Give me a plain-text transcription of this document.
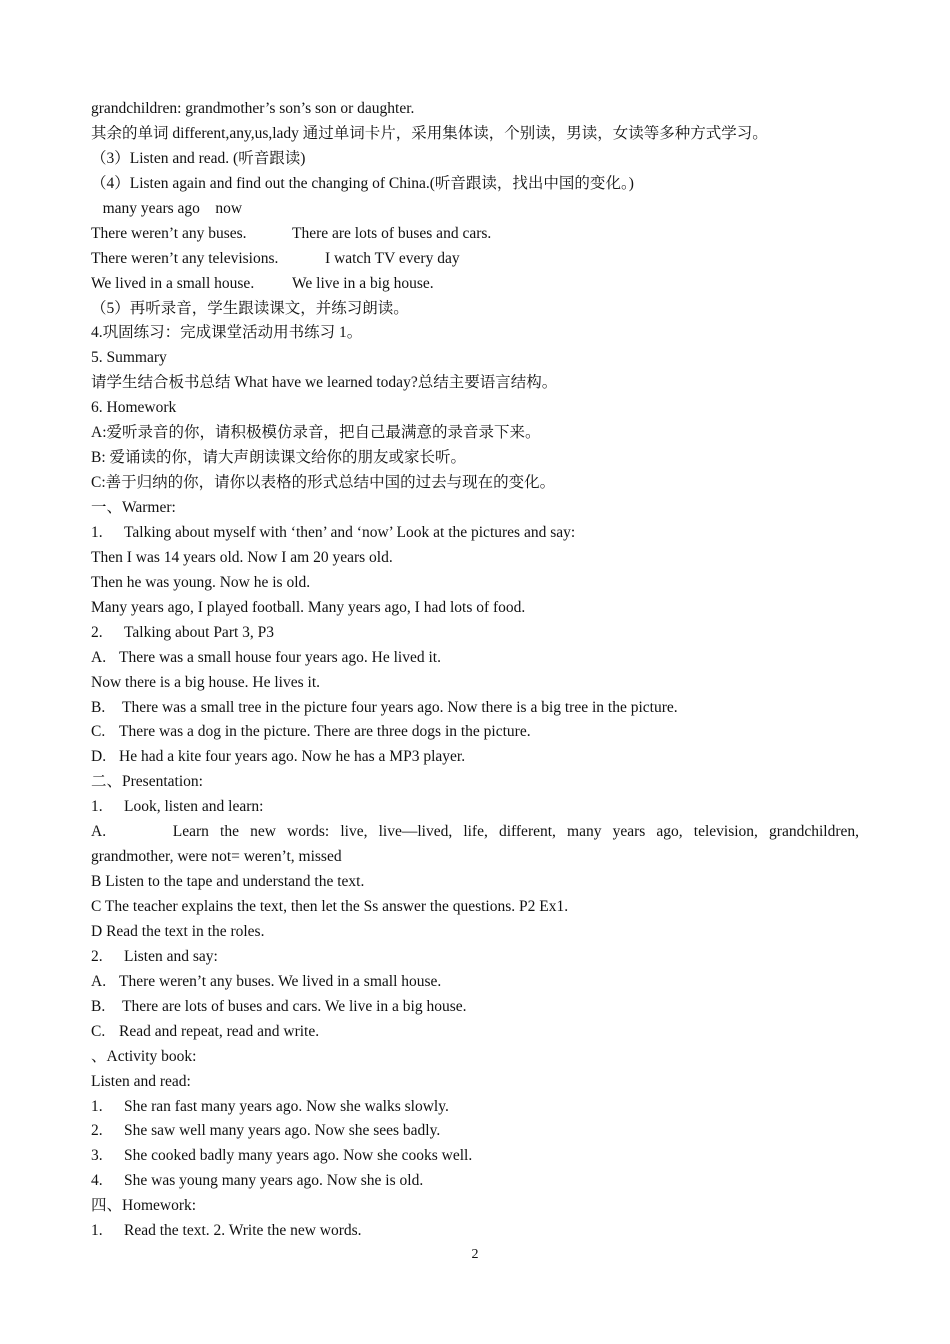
grandchildren: grandmother’s son’s son or daughter.
其余的单词 different,any,us,lady 通过单词卡片，采用集体读，个别读，男读，女读等多种方式学习。
（3）Listen and read. (听音跟读)
（4）Listen again and find out the changing of China.(听音跟读，找出中国的变化。)
many years ago    now
There weren’t any buses.	There are lots of buses and cars.
There weren’t any televisions.	I watch TV every day
We lived in a small house. We live in a big house.
（5）再听录音，学生跟读课文，并练习朗读。
4.巩固练习：完成课堂活动用书练习 1。
5. Summary
请学生结合板书总结 What have we learned today?总结主要语言结构。
6. Homework
A:爱听录音的你，请积极模仿录音，把自己最满意的录音录下来。
B: 爱诵读的你，请大声朗读课文给你的朋友或家长听。
C:善于归纳的你，请你以表格的形式总结中国的过去与现在的变化。
一、Warmer:
1. Talking about myself with ‘then’ and ‘now’ Look at the pictures and say:
Then I was 14 years old. Now I am 20 years old.
Then he was young. Now he is old.
Many years ago, I played football. Many years ago, I had lots of food.
2. Talking about Part 3, P3
A. There was a small house four years ago. He lived it.
Now there is a big house. He lives it.
B. There was a small tree in the picture four years ago. Now there is a big tree in the picture.
C. There was a dog in the picture. There are three dogs in the picture.
D. He had a kite four years ago. Now he has a MP3 player.
二、Presentation:
1. Look, listen and learn:
A.      Learn the new words: live, live—lived, life, different, many years ago, television, grandchildren,
grandmother, were not= weren’t, missed
B Listen to the tape and understand the text.
C The teacher explains the text, then let the Ss answer the questions. P2 Ex1.
D Read the text in the roles.
2. Listen and say:
A. There weren’t any buses. We lived in a small house.
B. There are lots of buses and cars. We live in a big house.
C. Read and repeat, read and write.
、Activity book:
Listen and read:
1. She ran fast many years ago. Now she walks slowly.
2. She saw well many years ago. Now she sees badly.
3. She cooked badly many years ago. Now she cooks well.
4. She was young many years ago. Now she is old.
四、Homework:
1. Read the text. 2. Write the new words.
2
